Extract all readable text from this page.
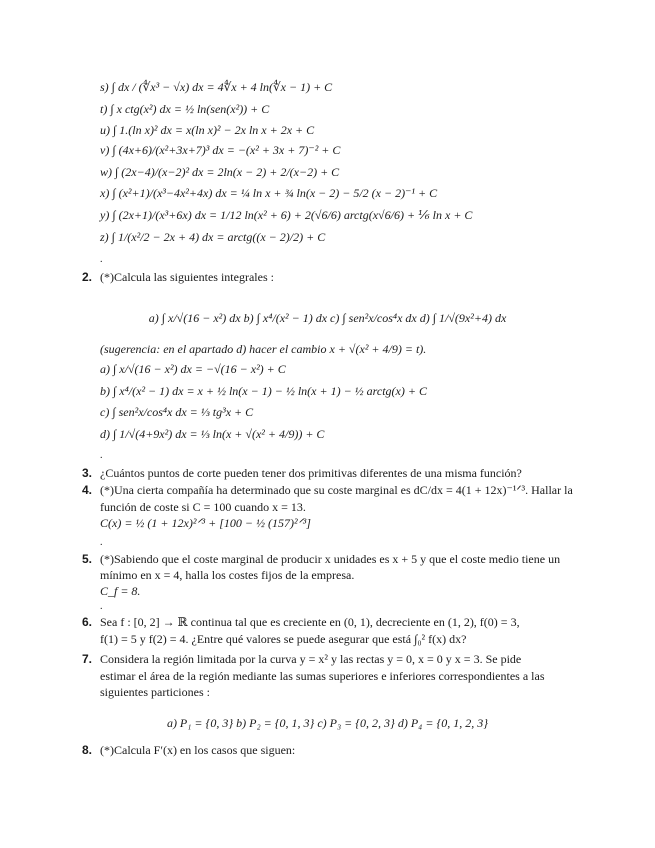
s) ∫ dx / (∜x³ − √x) dx = 4∜x + 4 ln(∜x − 1) + C
t) ∫ x ctg(x²) dx = ½ ln(sen(x²)) + C
u) ∫ 1.(ln x)² dx = x(ln x)² − 2x ln x + 2x + C
v) ∫ (4x+6)/(x²+3x+7)³ dx = −(x² + 3x + 7)⁻² + C
w) ∫ (2x−4)/(x−2)² dx = 2ln(x − 2) + 2/(x−2) + C
x) ∫ (x²+1)/(x³−4x²+4x) dx = ¼ ln x + ¾ ln(x − 2) − 5/2 (x − 2)⁻¹ + C
y) ∫ (2x+1)/(x³+6x) dx = 1/12 ln(x² + 6) + 2(√6/6) arctg(x√6/6) + ⅙ ln x + C
z) ∫ 1/(x²/2 − 2x + 4) dx = arctg((x − 2)/2) + C
.
2. (*)Calcula las siguientes integrales :
a) ∫ x/√(16 − x²) dx b) ∫ x⁴/(x² − 1) dx c) ∫ sen²x/cos⁴x dx d) ∫ 1/√(9x²+4) dx
(sugerencia: en el apartado d) hacer el cambio x + √(x² + 4/9) = t).
a) ∫ x/√(16 − x²) dx = −√(16 − x²) + C
b) ∫ x⁴/(x² − 1) dx = x + ½ ln(x − 1) − ½ ln(x + 1) − ½ arctg(x) + C
c) ∫ sen²x/cos⁴x dx = ⅓ tg³x + C
d) ∫ 1/√(4+9x²) dx = ⅓ ln(x + √(x² + 4/9)) + C
.
3. ¿Cuántos puntos de corte pueden tener dos primitivas diferentes de una misma función?
4. (*)Una cierta compañía ha determinado que su coste marginal es dC/dx = 4(1 + 12x)⁻¹ᐟ³. Hallar la
función de coste si C = 100 cuando x = 13.
C(x) = ½ (1 + 12x)²ᐟ³ + [100 − ½ (157)²ᐟ³]
.
5. (*)Sabiendo que el coste marginal de producir x unidades es x + 5 y que el coste medio tiene un
mínimo en x = 4, halla los costes fijos de la empresa.
C_f = 8.
.
6. Sea f : [0, 2] → ℝ continua tal que es creciente en (0, 1), decreciente en (1, 2), f(0) = 3,
f(1) = 5 y f(2) = 4. ¿Entre qué valores se puede asegurar que está ∫₀² f(x) dx?
7. Considera la región limitada por la curva y = x² y las rectas y = 0, x = 0 y x = 3. Se pide
estimar el área de la región mediante las sumas superiores e inferiores correspondientes a las
siguientes particiones :
a) P₁ = {0, 3} b) P₂ = {0, 1, 3} c) P₃ = {0, 2, 3} d) P₄ = {0, 1, 2, 3}
8. (*)Calcula F′(x) en los casos que siguen:
